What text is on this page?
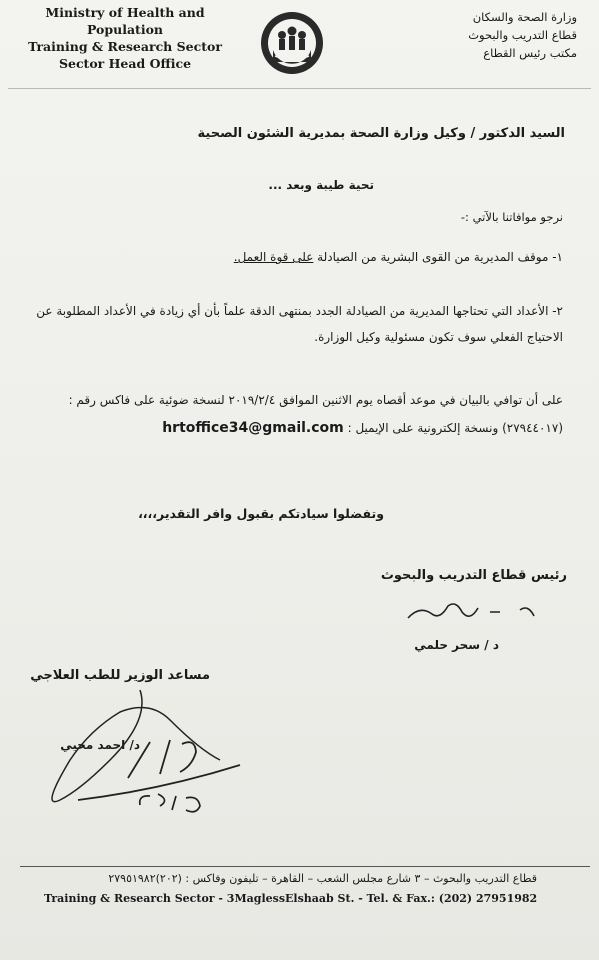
Ministry of Health and Population
Training & Research Sector
Sector Head Office
وزارة الصحة والسكان
قطاع التدريب والبحوث
مكتب رئيس القطاع
السيد الدكتور / وكيل وزارة الصحة بمديرية الشئون الصحية
تحية طيبة وبعد ...
نرجو موافاتنا بالآتي :-
١- موقف المديرية من القوى البشرية من الصيادلة على قوة العمل.
٢- الأعداد التي تحتاجها المديرية من الصيادلة الجدد بمنتهى الدقة علماً بأن أي زيادة في الأعداد المطلوبة عن الاحتياج الفعلي سوف تكون مسئولية وكيل الوزارة.
على أن توافي بالبيان في موعد أقصاه يوم الاثنين الموافق ٢٠١٩/٢/٤ لنسخة ضوئية على فاكس رقم : (٢٧٩٤٤٠١٧) ونسخة إلكترونية على الإيميل : hrtoffice34@gmail.com
وتفضلوا سيادتكم بقبول وافر التقدير،،،،
رئيس قطاع التدريب والبحوث
د / سحر حلمي
مساعد الوزير للطب العلاجي
د/ احمد محيي
قطاع التدريب والبحوث – ٣ شارع مجلس الشعب – القاهرة – تليفون وفاكس : (٢٠٢)٢٧٩٥١٩٨٢
Training & Research Sector - 3MaglessElshaab St. - Tel. & Fax.: (202) 27951982
